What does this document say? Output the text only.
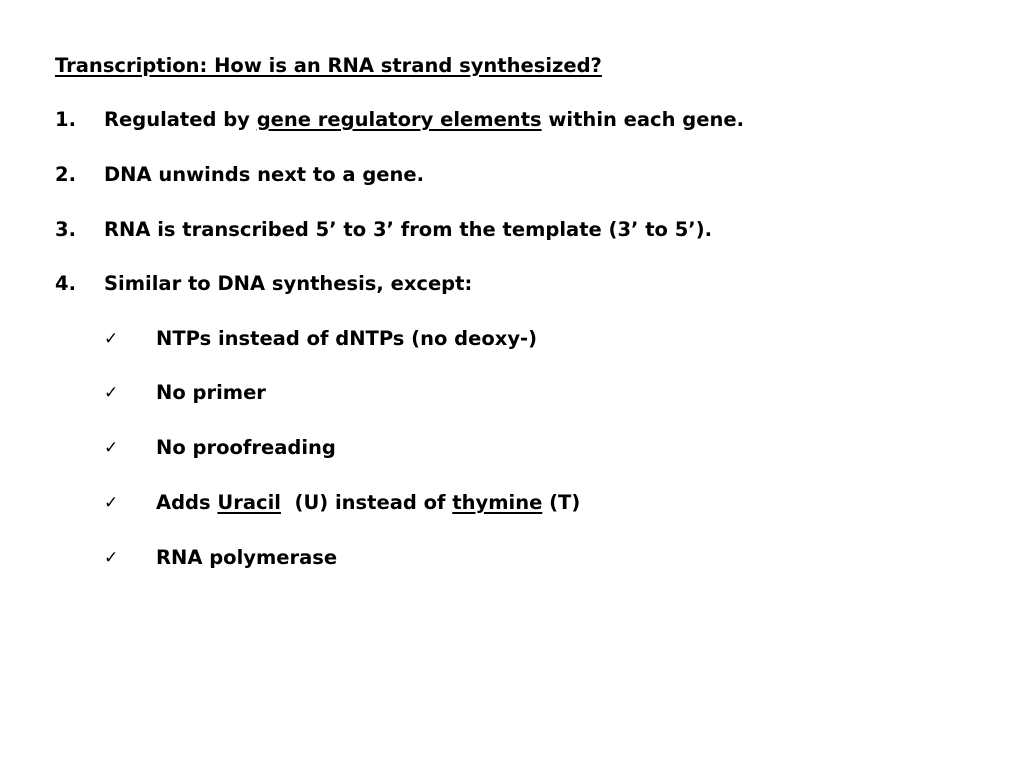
Transcription: How is an RNA strand synthesized?
1. Regulated by gene regulatory elements within each gene.
2. DNA unwinds next to a gene.
3. RNA is transcribed 5’ to 3’ from the template (3’ to 5’).
4. Similar to DNA synthesis, except:
✓ NTPs instead of dNTPs (no deoxy-)
✓ No primer
✓ No proofreading
✓ Adds Uracil  (U) instead of thymine (T)
✓ RNA polymerase
